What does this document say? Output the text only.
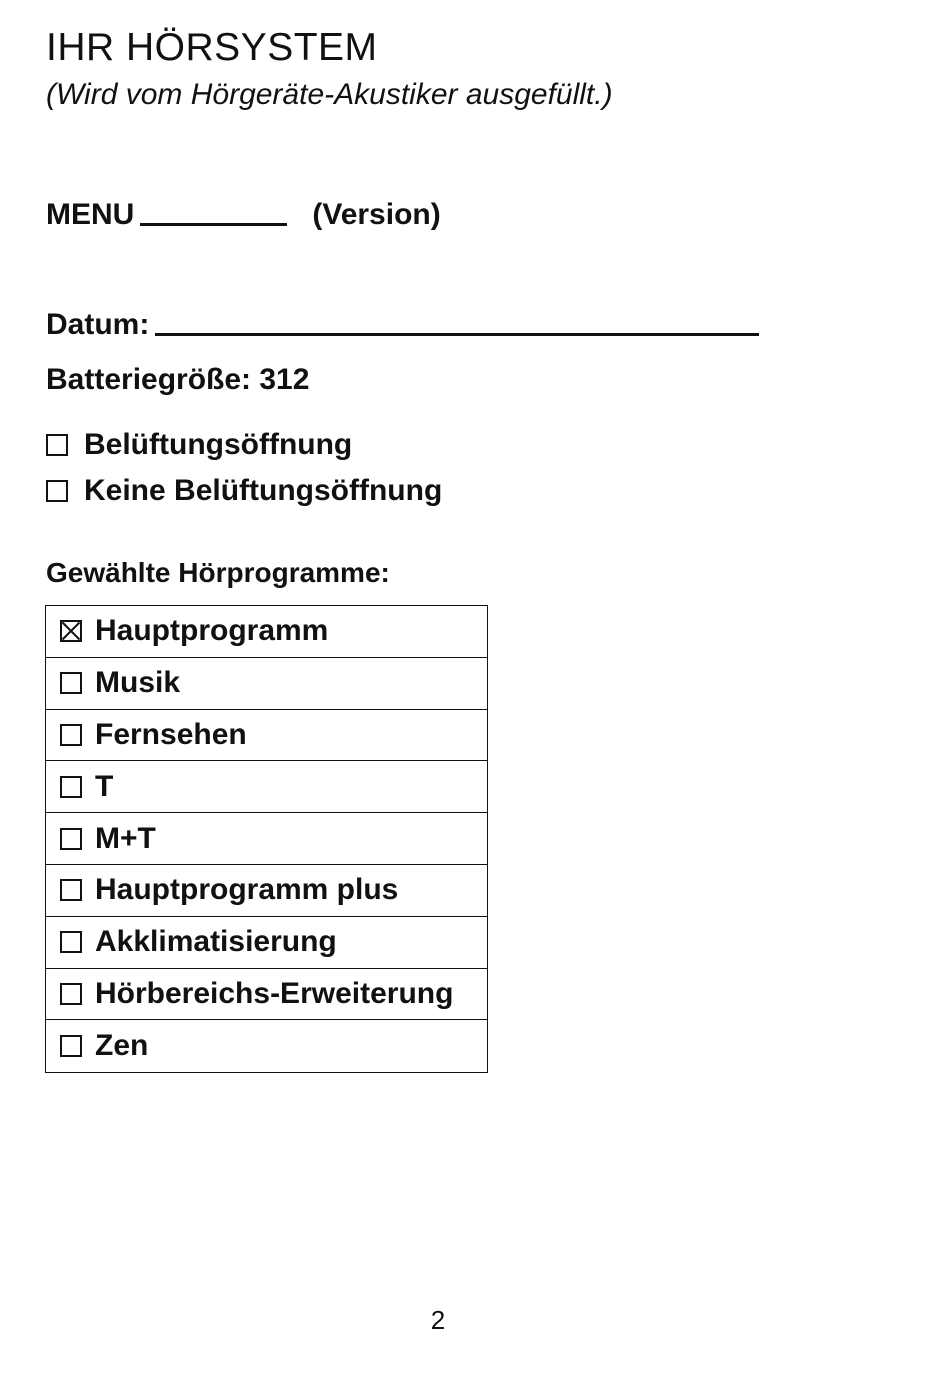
IHR HÖRSYSTEM
(Wird vom Hörgeräte-Akustiker ausgefüllt.)
MENU	(Version)
Datum:
Batteriegröße: 312
Belüftungsöffnung
Keine Belüftungsöffnung
Gewählte Hörprogramme:
Hauptprogramm
Musik
Fernsehen
T
M+T
Hauptprogramm plus
Akklimatisierung
Hörbereichs-Erweiterung
Zen
2
